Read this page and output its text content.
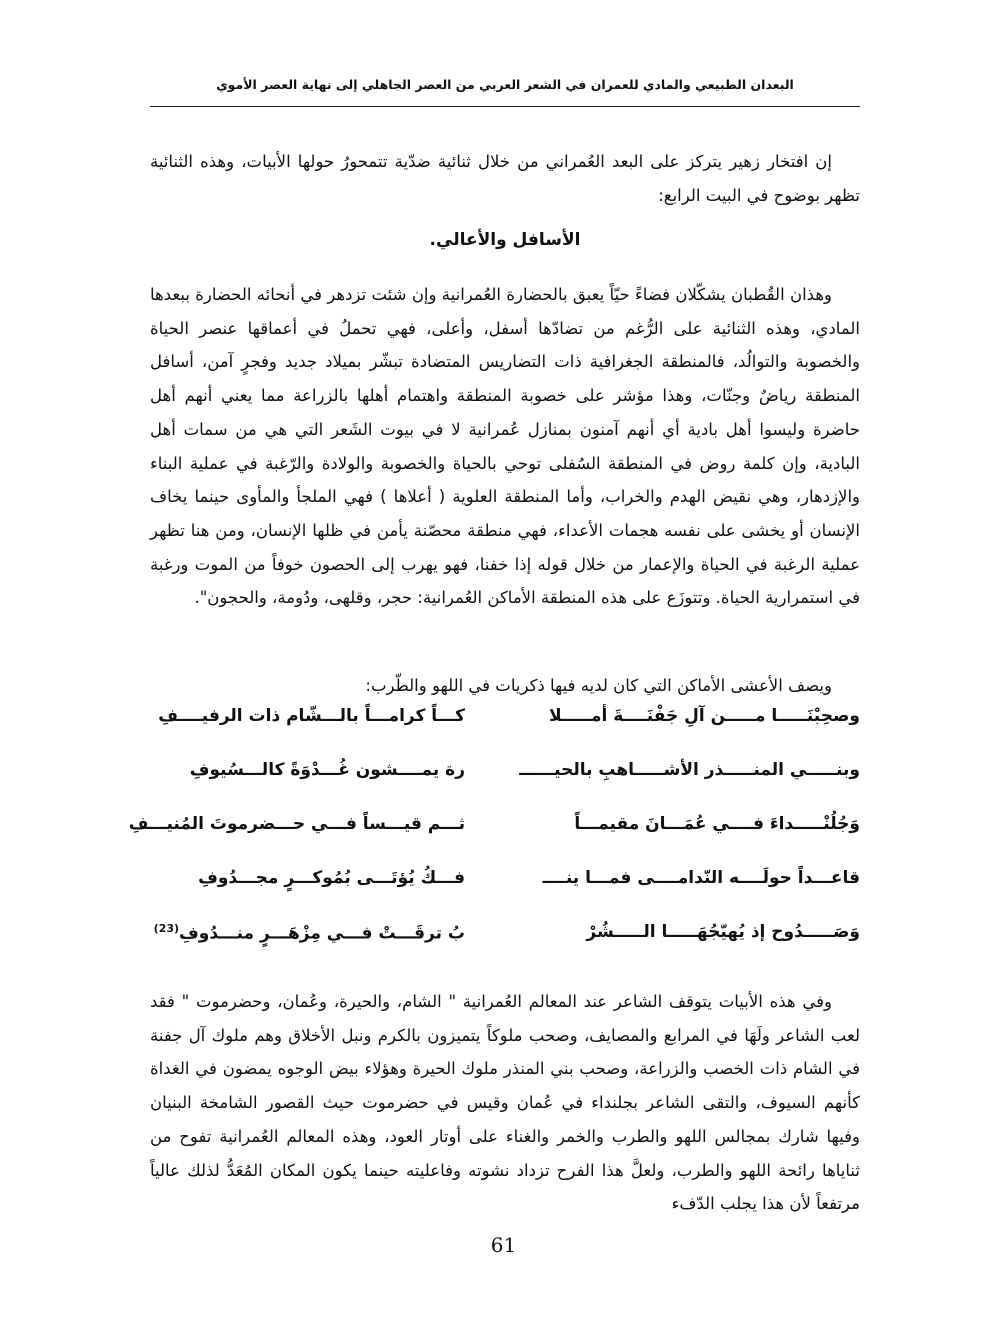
البعدان الطبيعي والمادي للعمران في الشعر العربي من العصر الجاهلي إلى نهاية العصر الأموي

إن افتخار زهير يتركز على البعد العُمراني من خلال ثنائية ضدّية تتمحورُ حولها الأبيات، وهذه الثنائية تظهر بوضوح في البيت الرابع:

الأسافل والأعالي.

وهذان القُطبان يشكّلان فضاءً حيّاً يعبق بالحضارة العُمرانية وإن شئت تزدهر في أنحائه الحضارة ببعدها المادي، وهذه الثنائية على الرُّغم من تضادّها أسفل، وأعلى، فهي تحملُ في أعماقها عنصر الحياة والخصوبة والتوالُد، فالمنطقة الجغرافية ذات التضاريس المتضادة تبشّر بميلاد جديد وفجرٍ آمن، أسافل المنطقة رياضٌ وجنّات، وهذا مؤشر على خصوبة المنطقة واهتمام أهلها بالزراعة مما يعني أنهم أهل حاضرة وليسوا أهل بادية أي أنهم آمنون بمنازل عُمرانية لا في بيوت الشَعر التي هي من سمات أهل البادية، وإن كلمة روض في المنطقة السُفلى توحي بالحياة والخصوبة والولادة والرّغبة في عملية البناء والإزدهار، وهي نقيض الهدم والخراب، وأما المنطقة العلوية ( أعلاها ) فهي الملجأ والمأوى حينما يخاف الإنسان أو يخشى على نفسه هجمات الأعداء، فهي منطقة محصّنة يأمن في ظلها الإنسان، ومن هنا تظهر عملية الرغبة في الحياة والإعمار من خلال قوله إذا خفنا، فهو يهرب إلى الحصون خوفاً من الموت ورغبة في استمرارية الحياة. وتتوزَع على هذه المنطقة الأماكن العُمرانية: حجر، وقلهى، ودُومة، والحجون".

ويصف الأعشى الأماكن التي كان لديه فيها ذكريات في اللهو والطّرب:
وصحِبْنَـــــا مـــــن آلِ جَفْنَــــةَ أمـــــلا
كـــاً كرامـــاً بالـــشّام ذات الرفيــــفِ
وبنـــــي المنـــــذر الأشـــــاهبِ بالحيــــــ
رة يمــــشون غُـــدْوَةً كالـــسُيوفِ
وَجُلُنْـــــداءَ فــــي عُمَـــانَ مقيمـــاً
ثـــم قيـــساً فـــي حـــضرموتَ المُنيـــفِ
قاعـــداً حولَــــه النّدامــــى فمـــا ينــــ
فـــكُ يُؤتَـــى بُمُوكـــرٍ مجـــدُوفِ
وَصَـــــدُوح إذ يُهيّجُهَـــــا الـــــشُرْ
بُ ترقَـــتْ فـــي مِزْهَـــرٍ منـــدُوفِ$^{(23)}$

وفي هذه الأبيات يتوقف الشاعر عند المعالم العُمرانية " الشام، والحيرة، وعُمان، وحضرموت " فقد لعب الشاعر ولَهَا في المرابع والمصايف، وصحب ملوكاً يتميزون بالكرم ونبل الأخلاق وهم ملوك آل جفنة في الشام ذات الخصب والزراعة، وصحب بني المنذر ملوك الحيرة وهؤلاء بيض الوجوه يمضون في الغداة كأنهم السيوف، والتقى الشاعر بجلنداء في عُمان وقيس في حضرموت حيث القصور الشامخة البنيان وفيها شارك بمجالس اللهو والطرب والخمر والغناء على أوتار العود، وهذه المعالم العُمرانية تفوح من ثناياها رائحة اللهو والطرب، ولعلَّ هذا الفرح تزداد نشوته وفاعليته حينما يكون المكان المُعَدُّ لذلك عالياً مرتفعاً لأن هذا يجلب الدّفء

61
